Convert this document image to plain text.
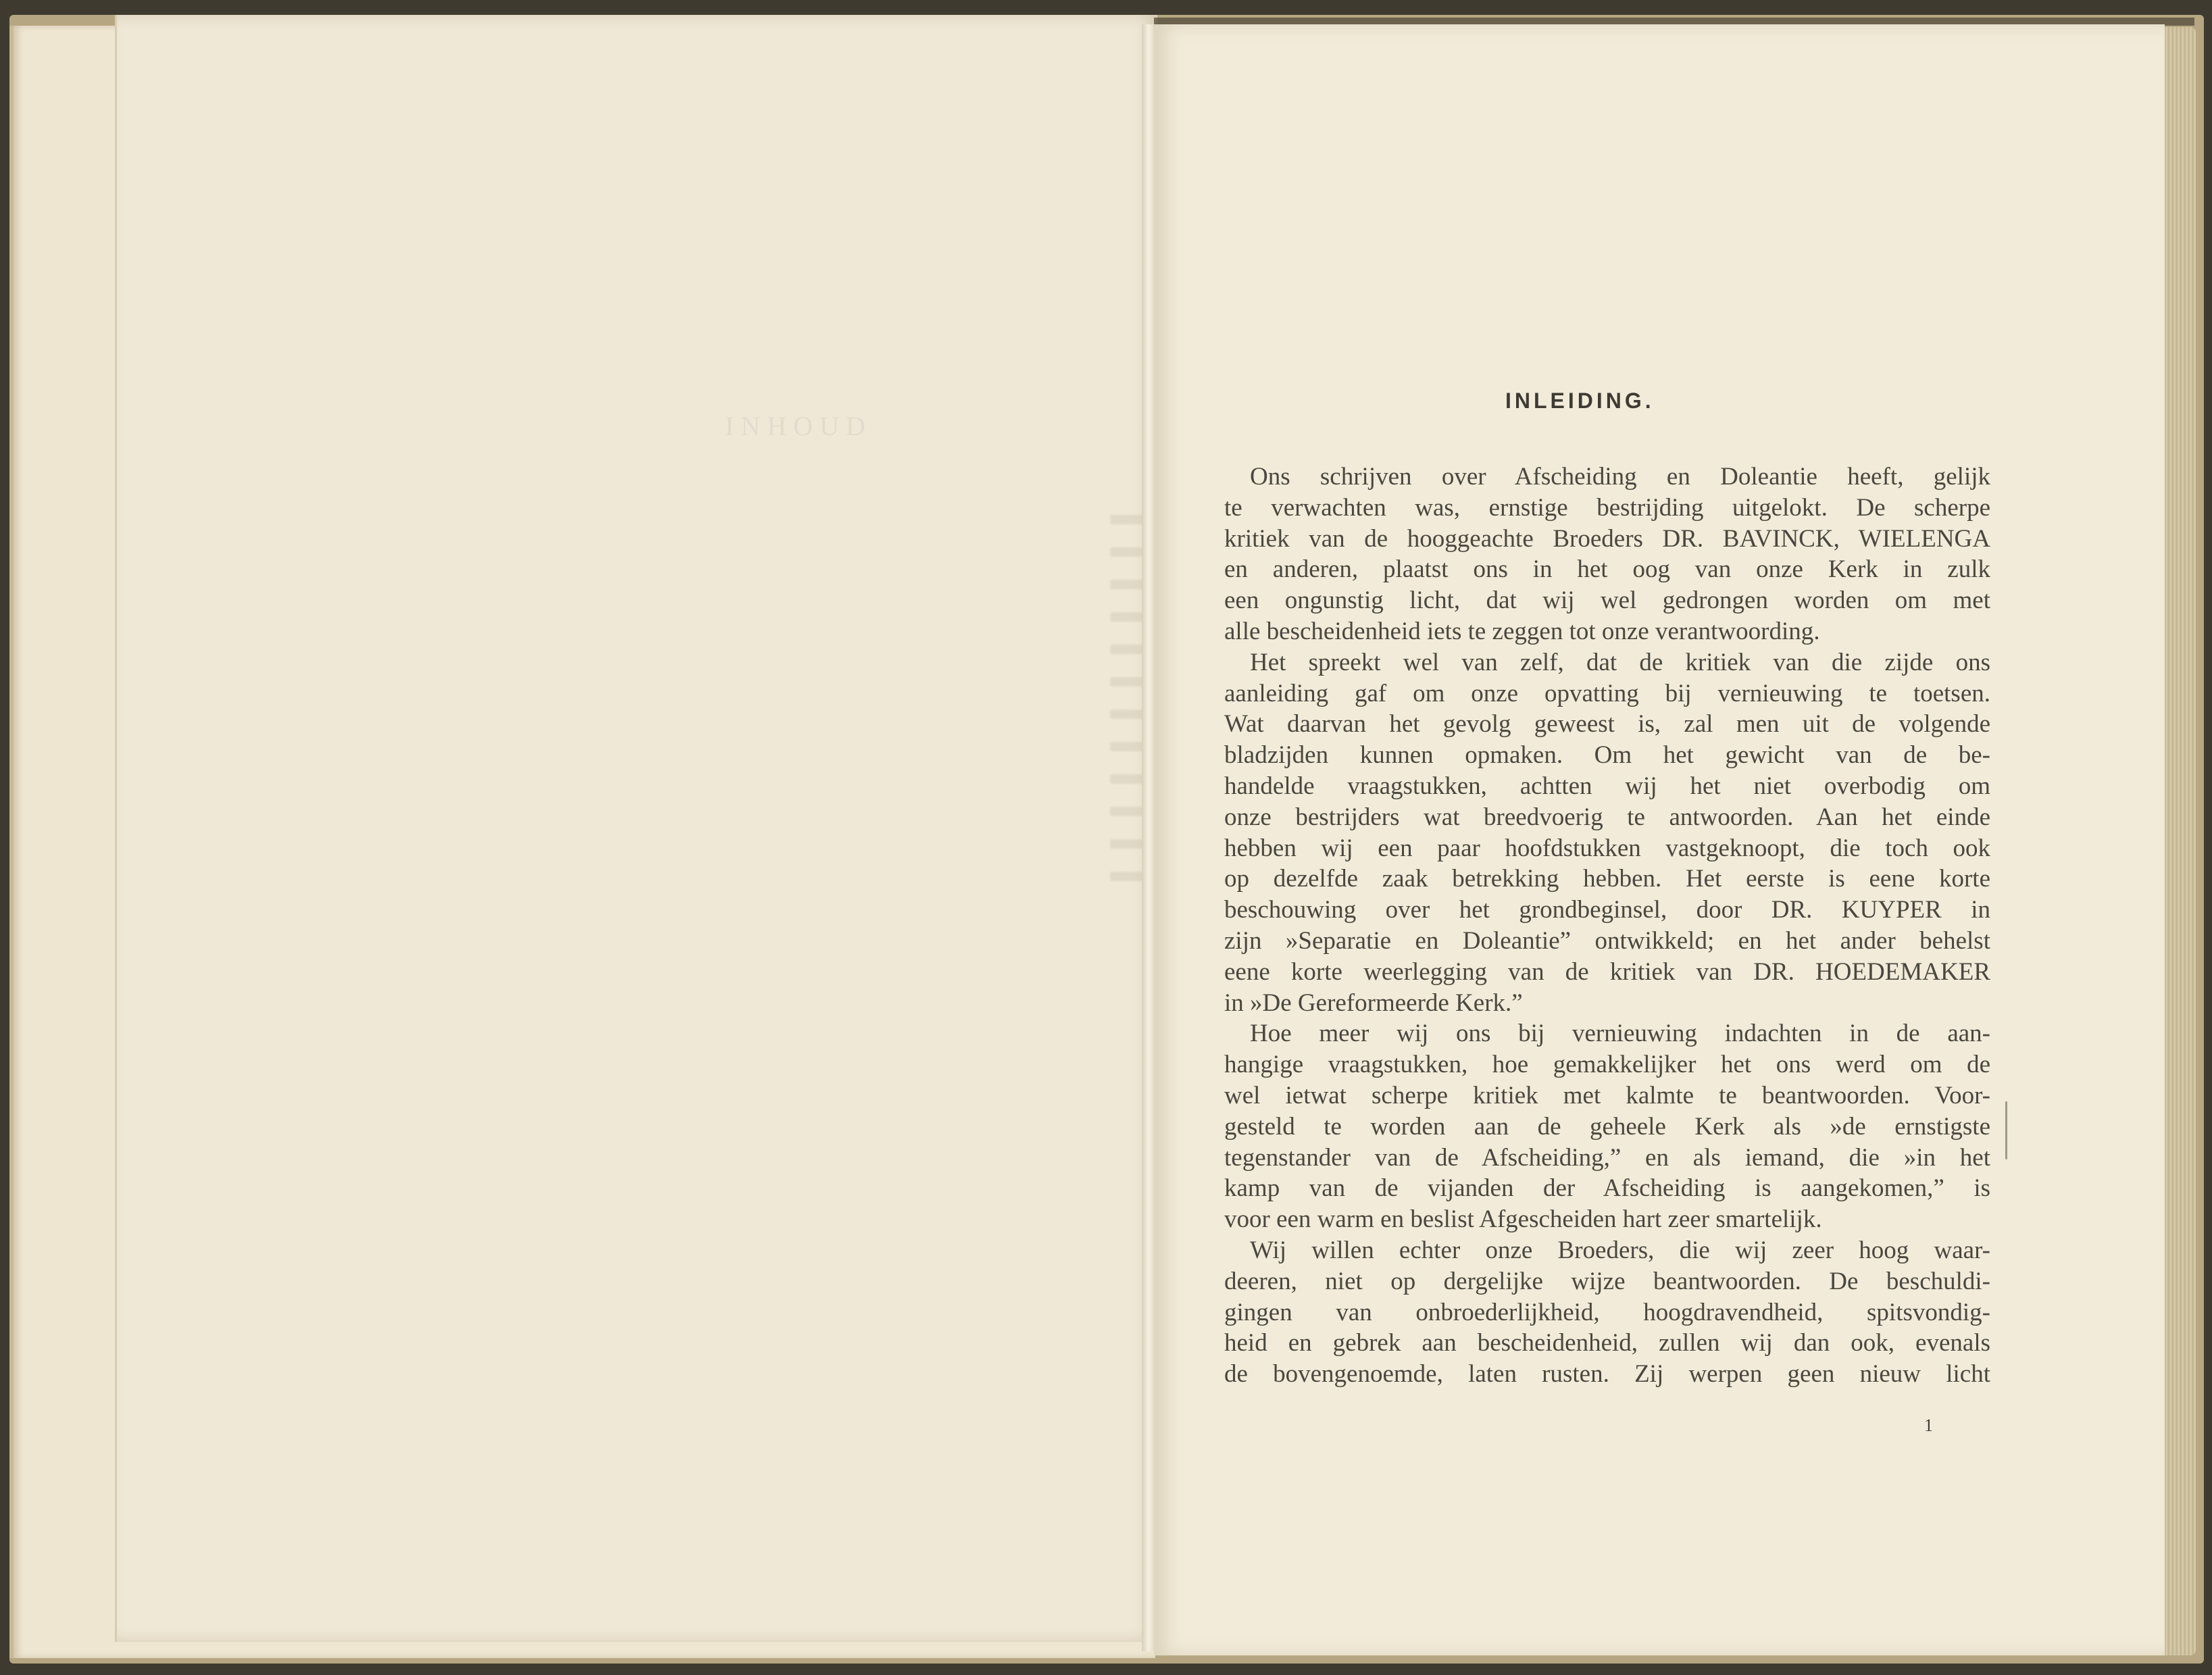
INHOUD
INLEIDING.
Ons schrijven over Afscheiding en Doleantie heeft, gelijk
te verwachten was, ernstige bestrijding uitgelokt. De scherpe
kritiek van de hooggeachte Broeders DR. BAVINCK, WIELENGA
en anderen, plaatst ons in het oog van onze Kerk in zulk
een ongunstig licht, dat wij wel gedrongen worden om met
alle bescheidenheid iets te zeggen tot onze verantwoording.
Het spreekt wel van zelf, dat de kritiek van die zijde ons
aanleiding gaf om onze opvatting bij vernieuwing te toetsen.
Wat daarvan het gevolg geweest is, zal men uit de volgende
bladzijden kunnen opmaken. Om het gewicht van de be-
handelde vraagstukken, achtten wij het niet overbodig om
onze bestrijders wat breedvoerig te antwoorden. Aan het einde
hebben wij een paar hoofdstukken vastgeknoopt, die toch ook
op dezelfde zaak betrekking hebben. Het eerste is eene korte
beschouwing over het grondbeginsel, door DR. KUYPER in
zijn »Separatie en Doleantie” ontwikkeld; en het ander behelst
eene korte weerlegging van de kritiek van DR. HOEDEMAKER
in »De Gereformeerde Kerk.”
Hoe meer wij ons bij vernieuwing indachten in de aan-
hangige vraagstukken, hoe gemakkelijker het ons werd om de
wel ietwat scherpe kritiek met kalmte te beantwoorden. Voor-
gesteld te worden aan de geheele Kerk als »de ernstigste
tegenstander van de Afscheiding,” en als iemand, die »in het
kamp van de vijanden der Afscheiding is aangekomen,” is
voor een warm en beslist Afgescheiden hart zeer smartelijk.
Wij willen echter onze Broeders, die wij zeer hoog waar-
deeren, niet op dergelijke wijze beantwoorden. De beschuldi-
gingen van onbroederlijkheid, hoogdravendheid, spitsvondig-
heid en gebrek aan bescheidenheid, zullen wij dan ook, evenals
de bovengenoemde, laten rusten. Zij werpen geen nieuw licht
1
